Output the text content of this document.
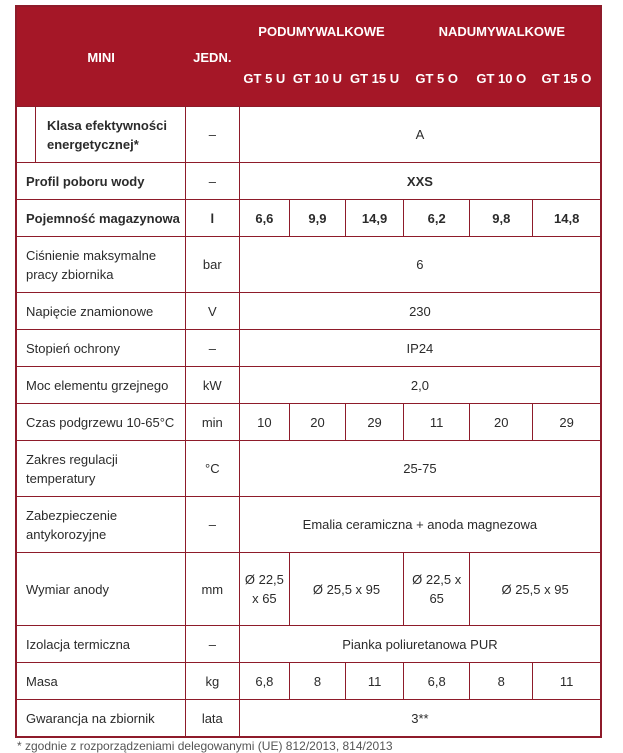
MINI	JEDN.	PODUMYWALKOWE			NADUMYWALKOWE		
		GT 5 U	GT 10 U	GT 15 U	GT 5 O	GT 10 O	GT 15 O

Klasa efektywności energetycznej*	–	A					
Profil poboru wody	–	XXS					
Pojemność magazynowa	l	6,6	9,9	14,9	6,2	9,8	14,8
Ciśnienie maksymalne pracy zbiornika	bar	6					
Napięcie znamionowe	V	230					
Stopień ochrony	–	IP24					
Moc elementu grzejnego	kW	2,0					
Czas podgrzewu 10-65°C	min	10	20	29	11	20	29
Zakres regulacji temperatury	°C	25-75					
Zabezpieczenie antykorozyjne	–	Emalia ceramiczna + anoda magnezowa					
Wymiar anody	mm	Ø 22,5 x 65	Ø 25,5 x 95		Ø 22,5 x 65	Ø 25,5 x 95	
Izolacja termiczna	–	Pianka poliuretanowa PUR					
Masa	kg	6,8	8	11	6,8	8	11
Gwarancja na zbiornik	lata	3**					
* zgodnie z rozporządzeniami delegowanymi (UE) 812/2013, 814/2013
